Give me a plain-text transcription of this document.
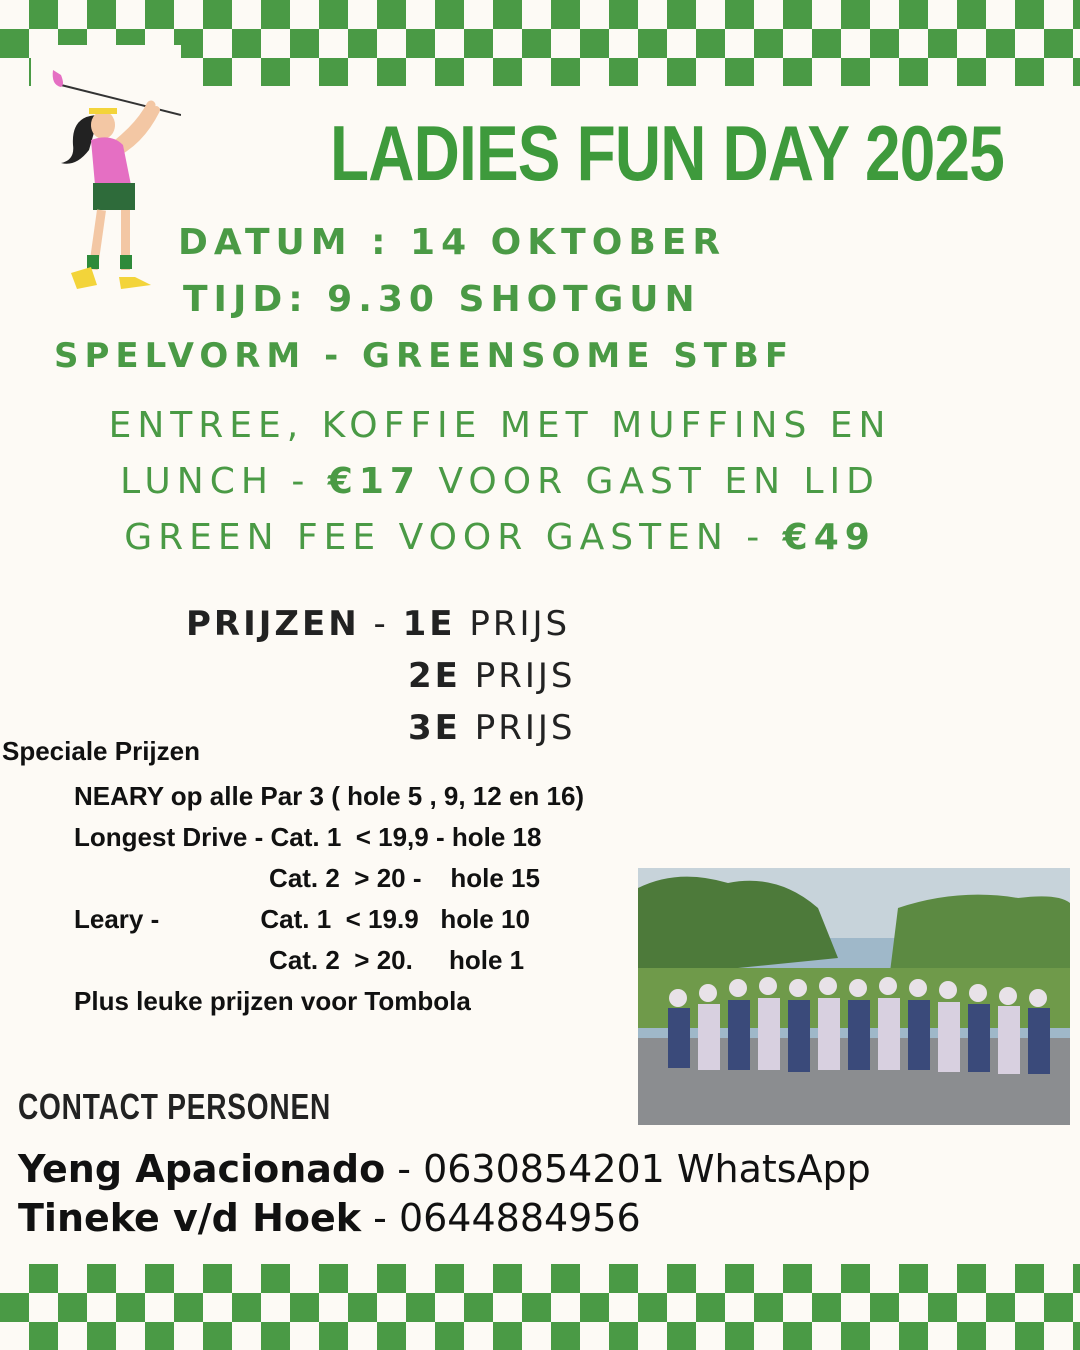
LADIES FUN DAY 2025
DATUM : 14 OKTOBER
TIJD: 9.30 SHOTGUN
SPELVORM - GREENSOME STBF
ENTREE, KOFFIE MET MUFFINS EN
LUNCH - €17 VOOR GAST EN LID
GREEN FEE VOOR GASTEN - €49
PRIJZEN - 1E PRIJS
2E PRIJS
3E PRIJS
Speciale Prijzen
NEARY op alle Par 3 ( hole 5 , 9, 12 en 16)
Longest Drive - Cat. 1  < 19,9 - hole 18
Cat. 2  > 20 -    hole 15
Leary -              Cat. 1  < 19.9   hole 10
Cat. 2  > 20.     hole 1
Plus leuke prijzen voor Tombola
CONTACT PERSONEN
Yeng Apacionado - 0630854201 WhatsApp
Tineke v/d Hoek - 0644884956
